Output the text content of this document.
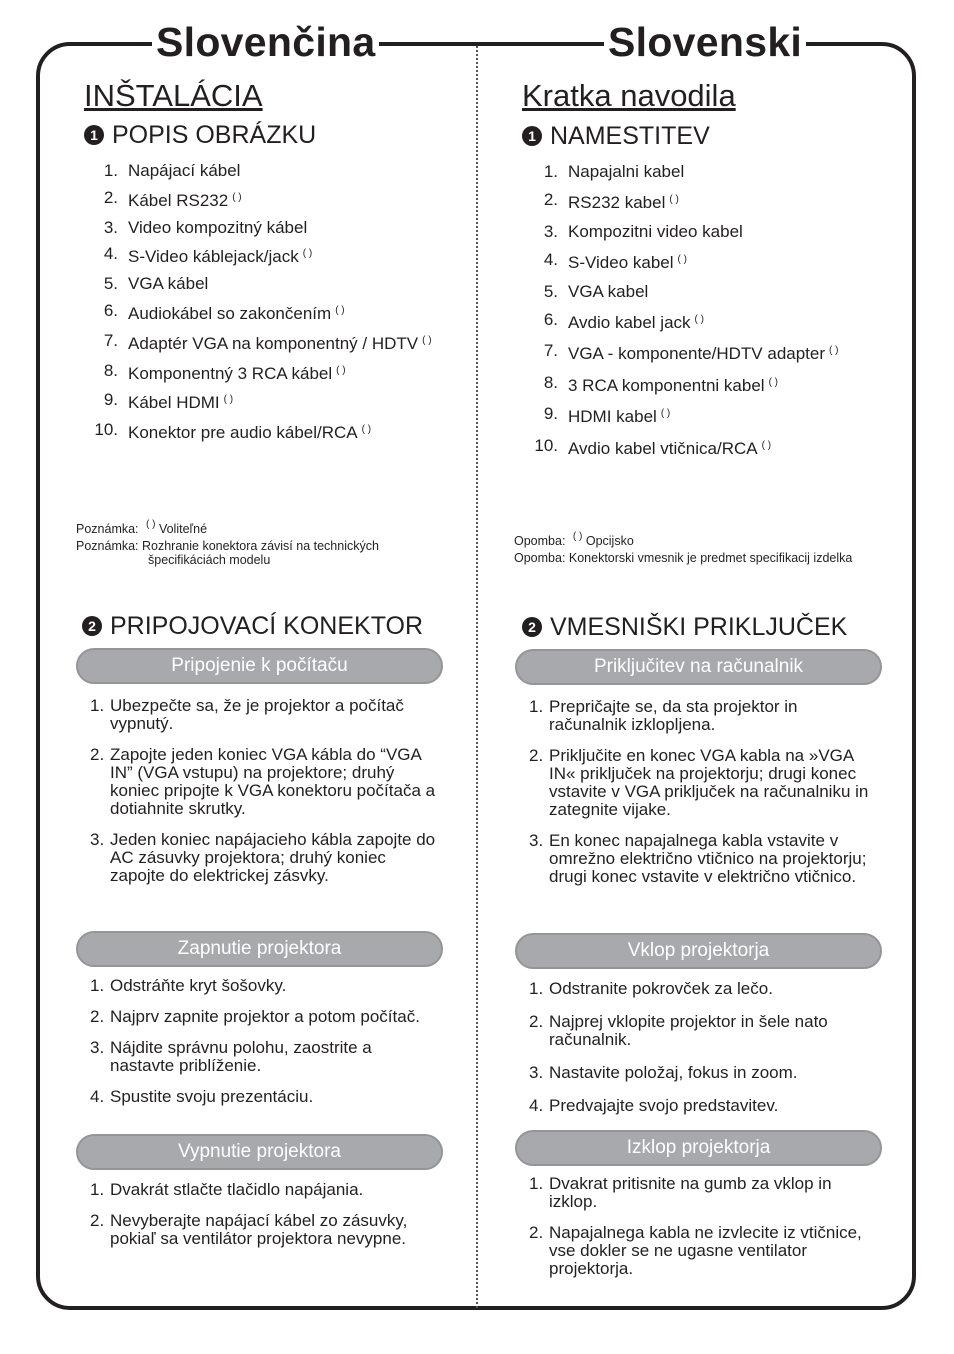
Slovenčina	Slovenski
INŠTALÁCIA
1 POPIS OBRÁZKU
1. Napájací kábel
2. Kábel RS232 ( )
3. Video kompozitný kábel
4. S-Video káblejack/jack ( )
5. VGA kábel
6. Audiokábel so zakončením ( )
7. Adaptér VGA na komponentný / HDTV ( )
8. Komponentný 3 RCA kábel ( )
9. Kábel HDMI ( )
10. Konektor pre audio kábel/RCA ( )
Poznámka: ( ) Voliteľné
Poznámka: Rozhranie konektora závisí na technických
špecifikáciách modelu
2 PRIPOJOVACÍ KONEKTOR
Pripojenie k počítaču
1. Ubezpečte sa, že je projektor a počítač vypnutý.
2. Zapojte jeden koniec VGA kábla do “VGA IN” (VGA vstupu) na projektore; druhý koniec pripojte k VGA konektoru počítača a dotiahnite skrutky.
3. Jeden koniec napájacieho kábla zapojte do AC zásuvky projektora; druhý koniec zapojte do elektrickej zásvky.
Zapnutie projektora
1. Odstráňte kryt šošovky.
2. Najprv zapnite projektor a potom počítač.
3. Nájdite správnu polohu, zaostrite a nastavte priblíženie.
4. Spustite svoju prezentáciu.
Vypnutie projektora
1. Dvakrát stlačte tlačidlo napájania.
2. Nevyberajte napájací kábel zo zásuvky, pokiaľ sa ventilátor projektora nevypne.
Kratka navodila
1 NAMESTITEV
1. Napajalni kabel
2. RS232 kabel ( )
3. Kompozitni video kabel
4. S-Video kabel ( )
5. VGA kabel
6. Avdio kabel jack ( )
7. VGA - komponente/HDTV adapter ( )
8. 3 RCA komponentni kabel ( )
9. HDMI kabel ( )
10. Avdio kabel vtičnica/RCA ( )
Opomba: ( ) Opcijsko
Opomba: Konektorski vmesnik je predmet specifikacij izdelka
2 VMESNIŠKI PRIKLJUČEK
Priključitev na računalnik
1. Prepričajte se, da sta projektor in računalnik izklopljena.
2. Priključite en konec VGA kabla na »VGA IN« priključek na projektorju; drugi konec vstavite v VGA priključek na računalniku in zategnite vijake.
3. En konec napajalnega kabla vstavite v omrežno električno vtičnico na projektorju; drugi konec vstavite v električno vtičnico.
Vklop projektorja
1. Odstranite pokrovček za lečo.
2. Najprej vklopite projektor in šele nato računalnik.
3. Nastavite položaj, fokus in zoom.
4. Predvajajte svojo predstavitev.
Izklop projektorja
1. Dvakrat pritisnite na gumb za vklop in izklop.
2. Napajalnega kabla ne izvlecite iz vtičnice, vse dokler se ne ugasne ventilator projektorja.
